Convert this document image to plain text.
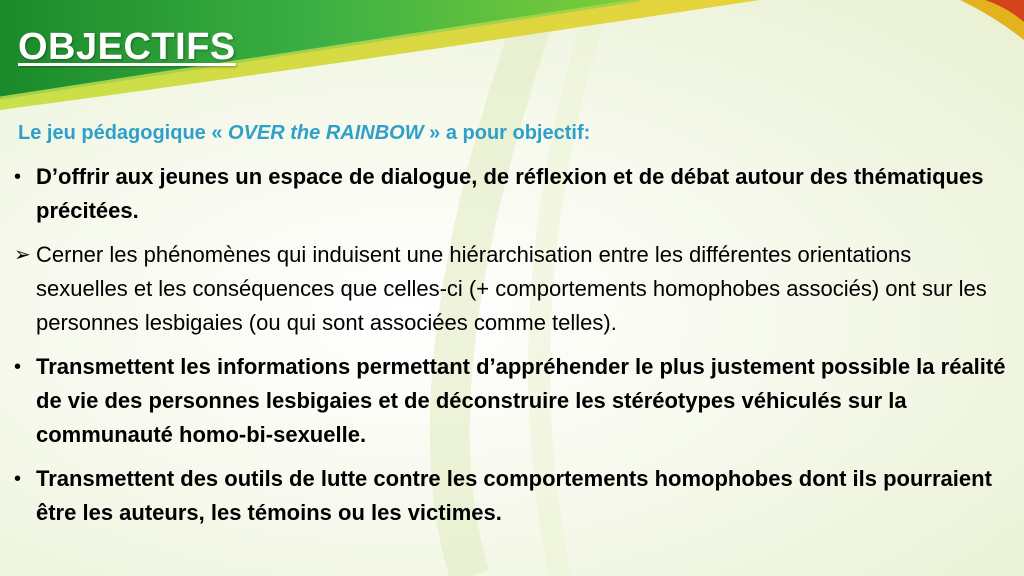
OBJECTIFS
Le jeu pédagogique « OVER the RAINBOW » a pour objectif:
• D’offrir aux jeunes un espace de dialogue, de réflexion et de débat autour des thématiques précitées.
➢ Cerner les phénomènes qui induisent une hiérarchisation entre les différentes orientations sexuelles et les conséquences que celles-ci (+ comportements homophobes associés) ont sur les personnes lesbigaies (ou qui sont associées comme telles).
• Transmettent les informations permettant d’appréhender le plus justement possible la réalité de vie des personnes lesbigaies et de déconstruire les stéréotypes véhiculés sur la communauté homo-bi-sexuelle.
• Transmettent des outils de lutte contre les comportements homophobes dont ils pourraient être les auteurs, les témoins ou les victimes.
